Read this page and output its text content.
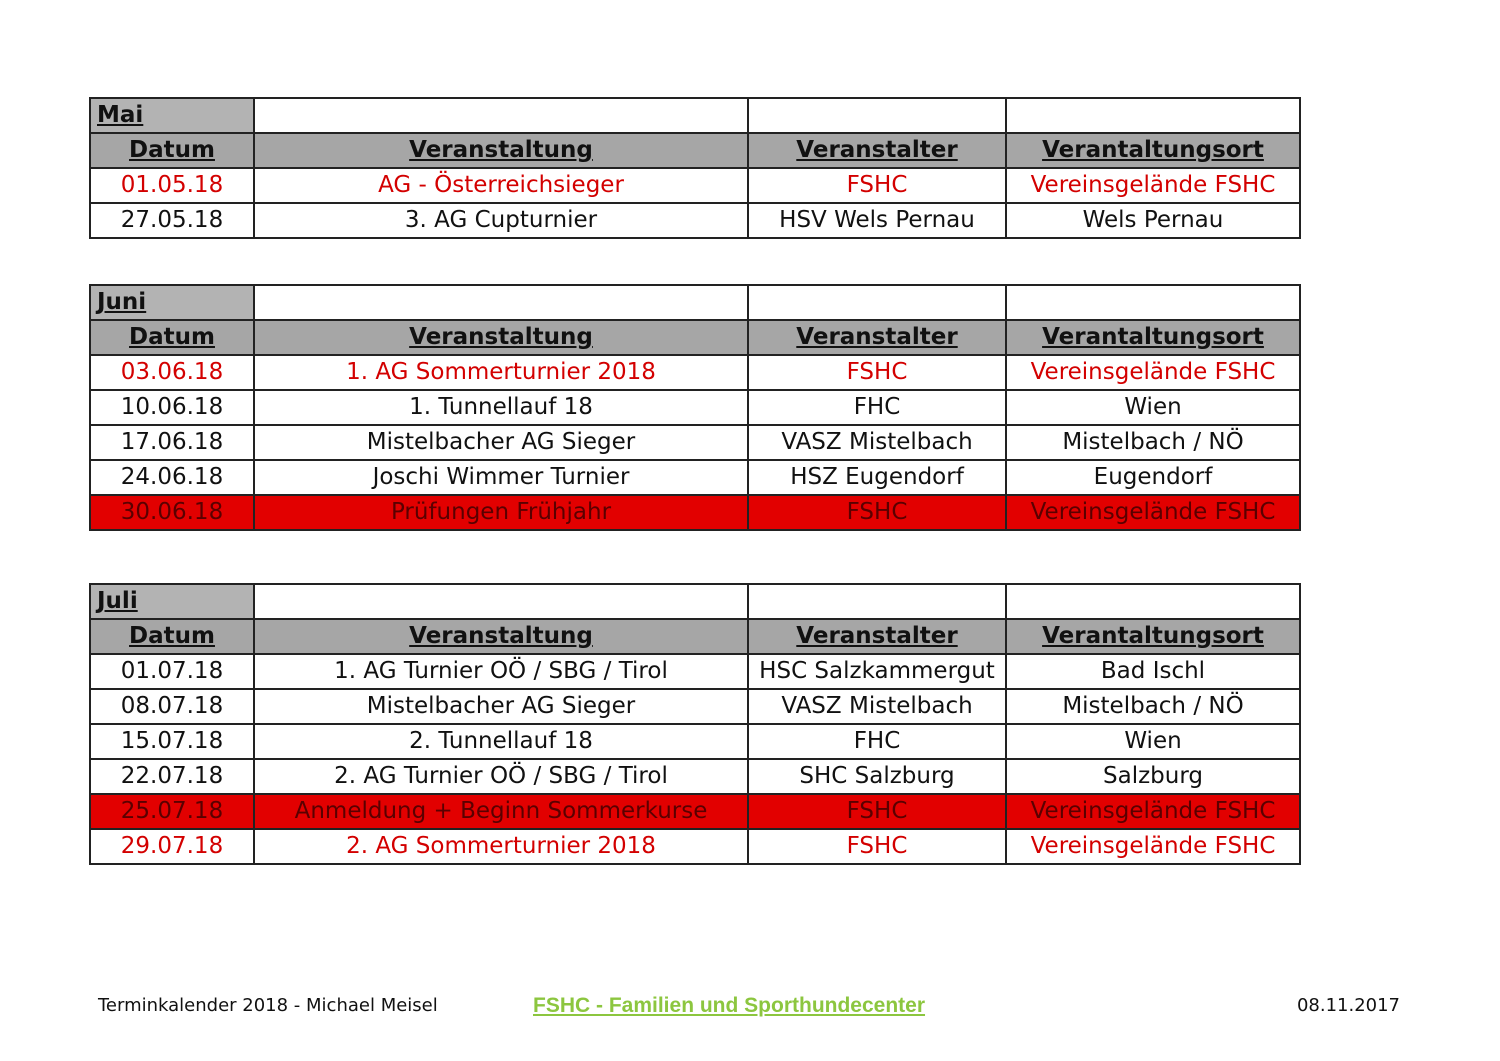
Mai			
Datum	Veranstaltung	Veranstalter	Verantaltungsort
01.05.18	AG - Österreichsieger	FSHC	Vereinsgelände FSHC
27.05.18	3. AG Cupturnier	HSV Wels Pernau	Wels Pernau
Juni			
Datum	Veranstaltung	Veranstalter	Verantaltungsort
03.06.18	1. AG Sommerturnier 2018	FSHC	Vereinsgelände FSHC
10.06.18	1. Tunnellauf 18	FHC	Wien
17.06.18	Mistelbacher AG Sieger	VASZ Mistelbach	Mistelbach / NÖ
24.06.18	Joschi Wimmer Turnier	HSZ Eugendorf	Eugendorf
30.06.18	Prüfungen Frühjahr	FSHC	Vereinsgelände FSHC
Juli			
Datum	Veranstaltung	Veranstalter	Verantaltungsort
01.07.18	1. AG Turnier OÖ / SBG / Tirol	HSC Salzkammergut	Bad Ischl
08.07.18	Mistelbacher AG Sieger	VASZ Mistelbach	Mistelbach / NÖ
15.07.18	2. Tunnellauf 18	FHC	Wien
22.07.18	2. AG Turnier OÖ / SBG / Tirol	SHC Salzburg	Salzburg
25.07.18	Anmeldung + Beginn Sommerkurse	FSHC	Vereinsgelände FSHC
29.07.18	2. AG Sommerturnier 2018	FSHC	Vereinsgelände FSHC
Terminkalender 2018 - Michael Meisel	FSHC - Familien und Sporthundecenter	08.11.2017
